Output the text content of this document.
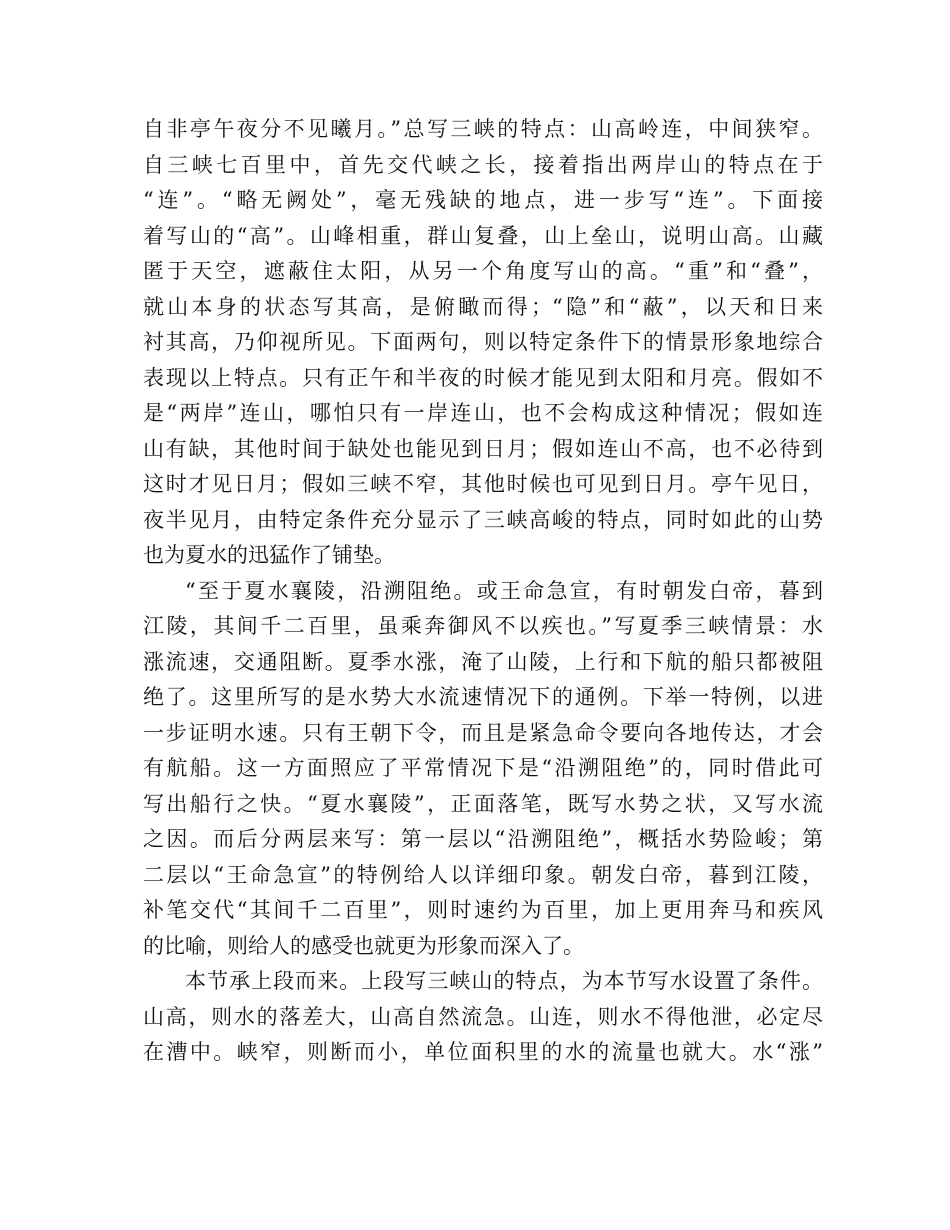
自非亭午夜分不见曦月。”总写三峡的特点：山高岭连，中间狭窄。
自三峡七百里中，首先交代峡之长，接着指出两岸山的特点在于
“连”。“略无阙处”，毫无残缺的地点，进一步写“连”。下面接
着写山的“高”。山峰相重，群山复叠，山上垒山，说明山高。山藏
匿于天空，遮蔽住太阳，从另一个角度写山的高。“重”和“叠”，
就山本身的状态写其高，是俯瞰而得；“隐”和“蔽”，以天和日来
衬其高，乃仰视所见。下面两句，则以特定条件下的情景形象地综合
表现以上特点。只有正午和半夜的时候才能见到太阳和月亮。假如不
是“两岸”连山，哪怕只有一岸连山，也不会构成这种情况；假如连
山有缺，其他时间于缺处也能见到日月；假如连山不高，也不必待到
这时才见日月；假如三峡不窄，其他时候也可见到日月。亭午见日，
夜半见月，由特定条件充分显示了三峡高峻的特点，同时如此的山势
也为夏水的迅猛作了铺垫。
“至于夏水襄陵，沿溯阻绝。或王命急宣，有时朝发白帝，暮到
江陵，其间千二百里，虽乘奔御风不以疾也。”写夏季三峡情景：水
涨流速，交通阻断。夏季水涨，淹了山陵，上行和下航的船只都被阻
绝了。这里所写的是水势大水流速情况下的通例。下举一特例，以进
一步证明水速。只有王朝下令，而且是紧急命令要向各地传达，才会
有航船。这一方面照应了平常情况下是“沿溯阻绝”的，同时借此可
写出船行之快。“夏水襄陵”，正面落笔，既写水势之状，又写水流
之因。而后分两层来写：第一层以“沿溯阻绝”，概括水势险峻；第
二层以“王命急宣”的特例给人以详细印象。朝发白帝，暮到江陵，
补笔交代“其间千二百里”，则时速约为百里，加上更用奔马和疾风
的比喻，则给人的感受也就更为形象而深入了。
本节承上段而来。上段写三峡山的特点，为本节写水设置了条件。
山高，则水的落差大，山高自然流急。山连，则水不得他泄，必定尽
在漕中。峡窄，则断而小，单位面积里的水的流量也就大。水“涨”
